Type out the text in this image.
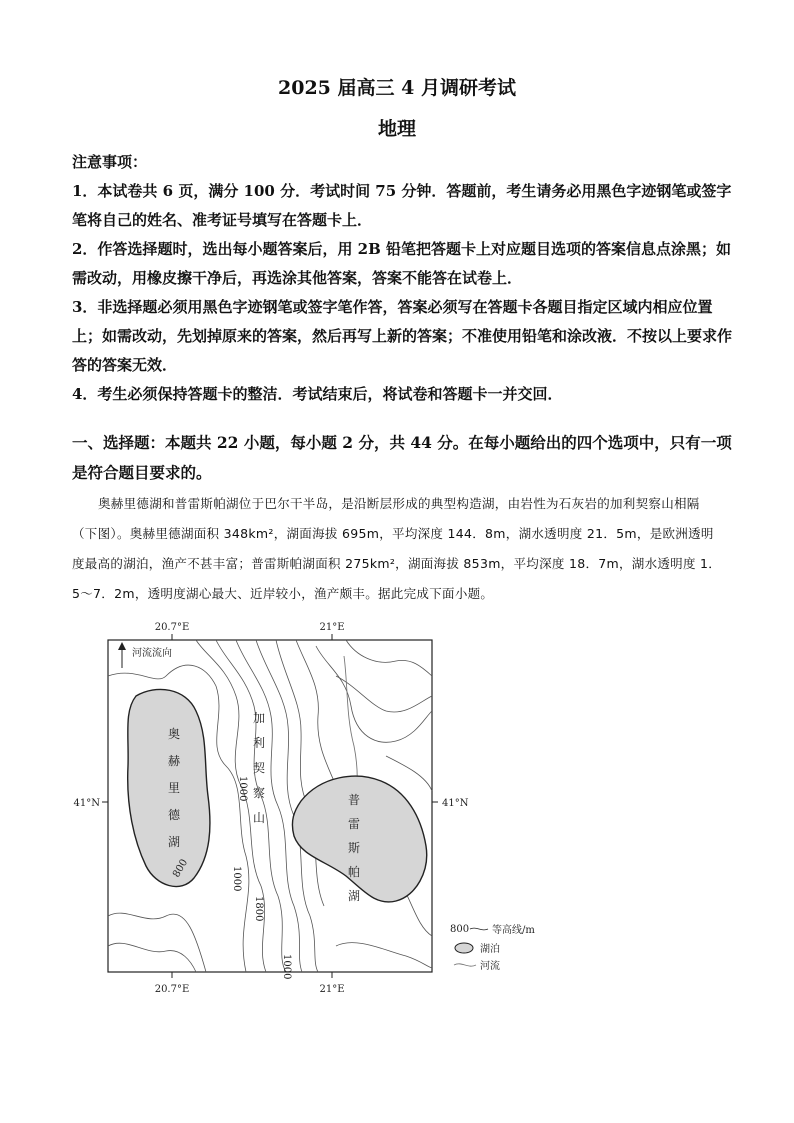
2025 届高三 4 月调研考试
地理

注意事项：

1．本试卷共 6 页，满分 100 分．考试时间 75 分钟．答题前，考生请务必用黑色字迹钢笔或签字笔将自己的姓名、准考证号填写在答题卡上．

2．作答选择题时，选出每小题答案后，用 2B 铅笔把答题卡上对应题目选项的答案信息点涂黑；如需改动，用橡皮擦干净后，再选涂其他答案，答案不能答在试卷上．

3．非选择题必须用黑色字迹钢笔或签字笔作答，答案必须写在答题卡各题目指定区域内相应位置上；如需改动，先划掉原来的答案，然后再写上新的答案；不准使用铅笔和涂改液．不按以上要求作答的答案无效．

4．考生必须保持答题卡的整洁．考试结束后，将试卷和答题卡一并交回．

一、选择题：本题共 22 小题，每小题 2 分，共 44 分。在每小题给出的四个选项中，只有一项是符合题目要求的。
奥赫里德湖和普雷斯帕湖位于巴尔干半岛，是沿断层形成的典型构造湖，由岩性为石灰岩的加利契察山相隔（下图）。奥赫里德湖面积 348km²，湖面海拔 695m，平均深度 144．8m，湖水透明度 21．5m，是欧洲透明度最高的湖泊，渔产不甚丰富；普雷斯帕湖面积 275km²，湖面海拔 853m，平均深度 18．7m，湖水透明度 1．5～7．2m，透明度湖心最大、近岸较小，渔产颇丰。据此完成下面小题。
奥
赫
里
德
湖
普
雷
斯
帕
湖
加
利
契
察
山
20.7°E	21°E
20.7°E	21°E
41°N	41°N
河流流向
1000
1800
800
1000
1000
800 等高线/m
湖泊
河流
